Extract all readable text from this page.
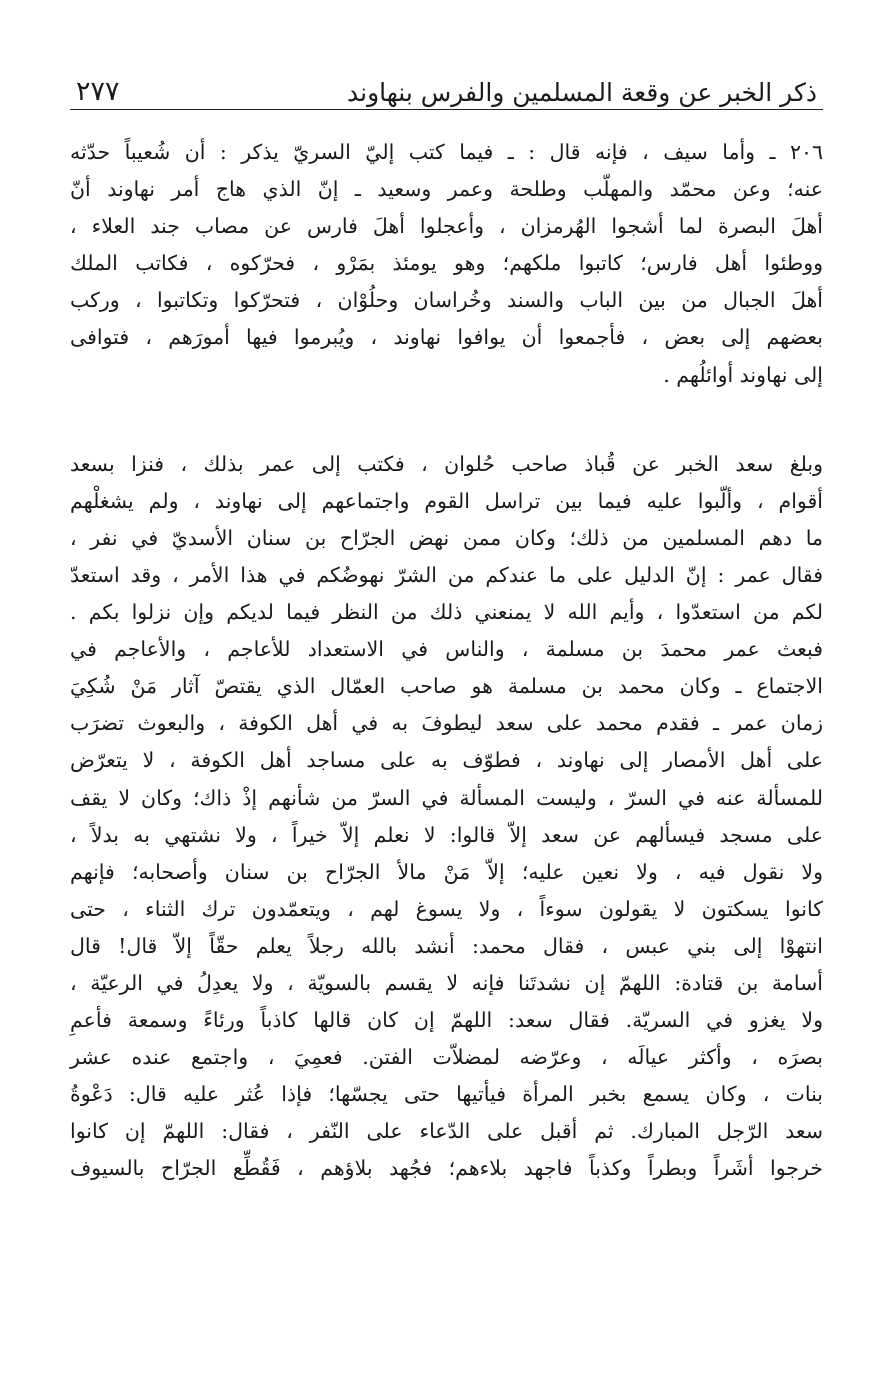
ذكر الخبر عن وقعة المسلمين والفرس بنهاوند
٢٧٧
٢٠٦ ـ وأما سيف ، فإنه قال : ـ فيما كتب إليّ السريّ يذكر : أن شُعيباً حدّثه
عنه؛ وعن محمّد والمهلّب وطلحة وعمر وسعيد ـ إنّ الذي هاج أمر نهاوند أنّ
أهلَ البصرة لما أشجوا الهُرمزان ، وأعجلوا أهلَ فارس عن مصاب جند العلاء ،
ووطئوا أهل فارس؛ كاتبوا ملكهم؛ وهو يومئذ بمَرْو ، فحرّكوه ، فكاتب الملك
أهلَ الجبال من بين الباب والسند وخُراسان وحلُوْان ، فتحرّكوا وتكاتبوا ، وركب
بعضهم إلى بعض ، فأجمعوا أن يوافوا نهاوند ، ويُبرموا فيها أمورَهم ، فتوافى
إلى نهاوند أوائلُهم .
وبلغ سعد الخبر عن قُباذ صاحب حُلوان ، فكتب إلى عمر بذلك ، فنزا بسعد
أقوام ، وألّبوا عليه فيما بين تراسل القوم واجتماعهم إلى نهاوند ، ولم يشغلْهم
ما دهم المسلمين من ذلك؛ وكان ممن نهض الجرّاح بن سنان الأسديّ في نفر ،
فقال عمر : إنّ الدليل على ما عندكم من الشرّ نهوضُكم في هذا الأمر ، وقد استعدّ
لكم من استعدّوا ، وأيم الله لا يمنعني ذلك من النظر فيما لديكم وإن نزلوا بكم .
فبعث عمر محمدَ بن مسلمة ، والناس في الاستعداد للأعاجم ، والأعاجم في
الاجتماع ـ وكان محمد بن مسلمة هو صاحب العمّال الذي يقتصّ آثار مَنْ شُكِيَ
زمان عمر ـ فقدم محمد على سعد ليطوفَ به في أهل الكوفة ، والبعوث تضرَب
على أهل الأمصار إلى نهاوند ، فطوّف به على مساجد أهل الكوفة ، لا يتعرّض
للمسألة عنه في السرّ ، وليست المسألة في السرّ من شأنهم إذْ ذاك؛ وكان لا يقف
على مسجد فيسألهم عن سعد إلاّ قالوا: لا نعلم إلاّ خيراً ، ولا نشتهي به بدلاً ،
ولا نقول فيه ، ولا نعين عليه؛ إلاّ مَنْ مالأ الجرّاح بن سنان وأصحابه؛ فإنهم
كانوا يسكتون لا يقولون سوءاً ، ولا يسوغ لهم ، ويتعمّدون ترك الثناء ، حتى
انتهوْا إلى بني عبس ، فقال محمد: أنشد بالله رجلاً يعلم حقّاً إلاّ قال! قال
أسامة بن قتادة: اللهمّ إن نشدتَنا فإنه لا يقسم بالسويّة ، ولا يعدِلُ في الرعيّة ،
ولا يغزو في السريّة. فقال سعد: اللهمّ إن كان قالها كاذباً ورئاءً وسمعة فأعمِ
بصرَه ، وأكثر عيالَه ، وعرّضه لمضلاّت الفتن. فعمِيَ ، واجتمع عنده عشر
بنات ، وكان يسمع بخبر المرأة فيأتيها حتى يجسّها؛ فإذا عُثر عليه قال: دَعْوةُ
سعد الرّجل المبارك. ثم أقبل على الدّعاء على النّفر ، فقال: اللهمّ إن كانوا
خرجوا أشَراً وبطراً وكذباً فاجهد بلاءهم؛ فجُهد بلاؤهم ، فَقُطِّع الجرّاح بالسيوف
